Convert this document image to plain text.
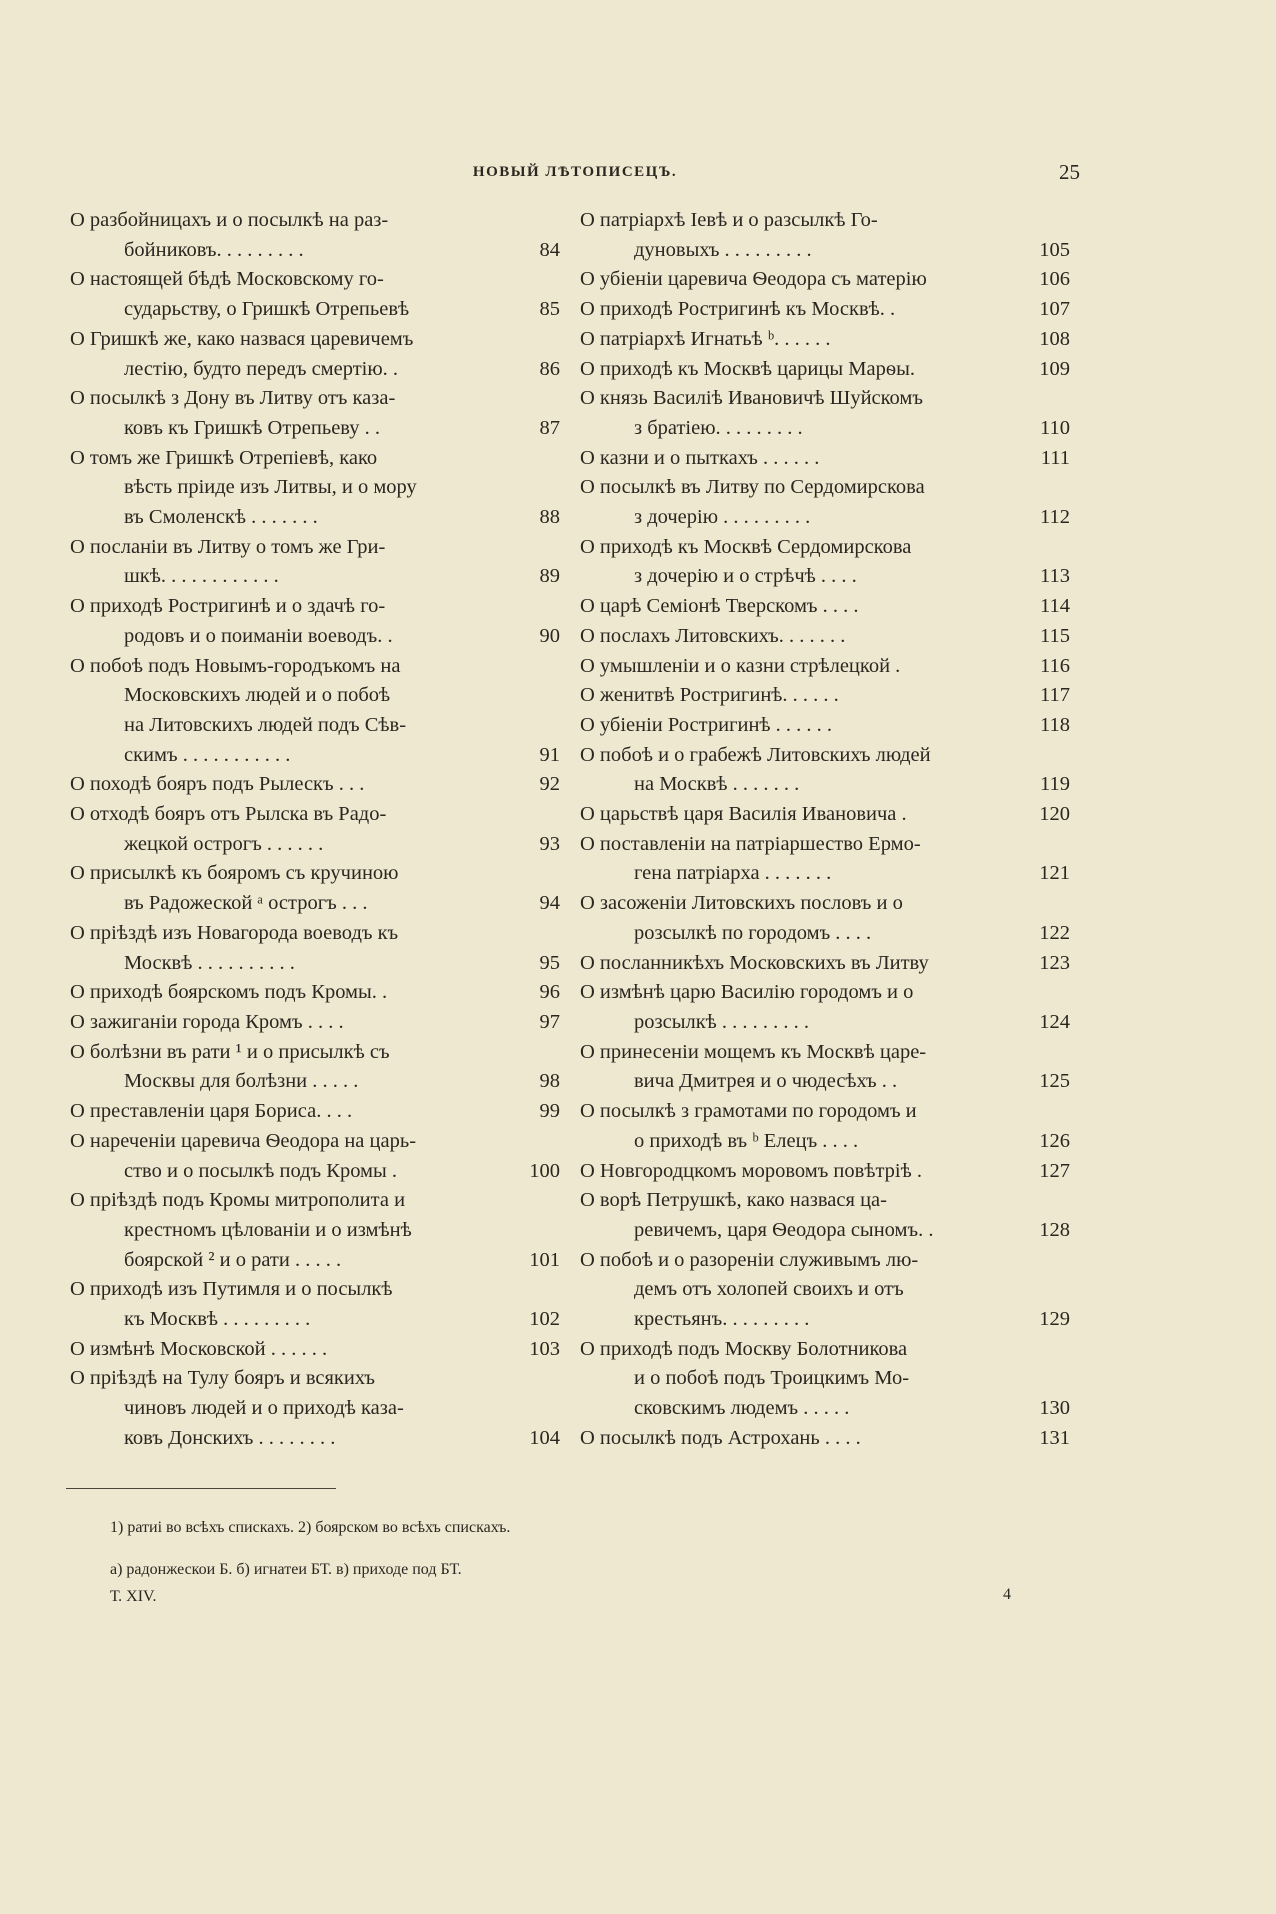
НОВЫЙ ЛѢТОПИСЕЦЪ.	25
О разбойницахъ и о посылкѣ на раз-
бойниковъ. . . . . . . . .	84
О настоящей бѣдѣ Московскому го-
сударьству, о Гришкѣ Отрепьевѣ	85
О Гришкѣ же, како назвася царевичемъ
лестію, будто передъ смертію. .	86
О посылкѣ з Дону въ Литву отъ каза-
ковъ къ Гришкѣ Отрепьеву . .	87
О томъ же Гришкѣ Отрепіевѣ, како
вѣсть пріиде изъ Литвы, и о мору
въ Смоленскѣ . . . . . . .	88
О посланіи въ Литву о томъ же Гри-
шкѣ. . . . . . . . . . . .	89
О приходѣ Ростригинѣ и о здачѣ го-
родовъ и о поиманіи воеводъ. .	90
О побоѣ подъ Новымъ-городъкомъ на
Московскихъ людей и о побоѣ
на Литовскихъ людей подъ Сѣв-
скимъ . . . . . . . . . . .	91
О походѣ бояръ подъ Рылескъ . . .	92
О отходѣ бояръ отъ Рылска въ Радо-
жецкой острогъ . . . . . .	93
О присылкѣ къ бояромъ съ кручиною
въ Радожеской ᵃ острогъ . . .	94
О пріѣздѣ изъ Новагорода воеводъ къ
Москвѣ . . . . . . . . . .	95
О приходѣ боярскомъ подъ Кромы. .	96
О зажиганіи города Кромъ . . . .	97
О болѣзни въ рати ¹ и о присылкѣ съ
Москвы для болѣзни . . . . .	98
О преставленіи царя Бориса. . . .	99
О нареченіи царевича Ѳеодора на царь-
ство и о посылкѣ подъ Кромы .	100
О пріѣздѣ подъ Кромы митрополита и
крестномъ цѣлованіи и о измѣнѣ
боярской ² и о рати . . . . .	101
О приходѣ изъ Путимля и о посылкѣ
къ Москвѣ . . . . . . . . .	102
О измѣнѣ Московской . . . . . .	103
О пріѣздѣ на Тулу бояръ и всякихъ
чиновъ людей и о приходѣ каза-
ковъ Донскихъ . . . . . . . .	104
О патріархѣ Іевѣ и о разсылкѣ Го-
дуновыхъ . . . . . . . . .	105
О убіеніи царевича Ѳеодора съ матерію	106
О приходѣ Ростригинѣ къ Москвѣ. .	107
О патріархѣ Игнатьѣ ᵇ. . . . . .	108
О приходѣ къ Москвѣ царицы Марѳы.	109
О князь Василіѣ Ивановичѣ Шуйскомъ
з братіею. . . . . . . . .	110
О казни и о пыткахъ . . . . . .	111
О посылкѣ въ Литву по Сердомирскова
з дочерію . . . . . . . . .	112
О приходѣ къ Москвѣ Сердомирскова
з дочерію и о стрѣчѣ . . . .	113
О царѣ Семіонѣ Тверскомъ . . . .	114
О послахъ Литовскихъ. . . . . . .	115
О умышленіи и о казни стрѣлецкой .	116
О женитвѣ Ростригинѣ. . . . . .	117
О убіеніи Ростригинѣ . . . . . .	118
О побоѣ и о грабежѣ Литовскихъ людей
на Москвѣ . . . . . . .	119
О царьствѣ царя Василія Ивановича .	120
О поставленіи на патріаршество Ермо-
гена патріарха . . . . . . .	121
О засоженіи Литовскихъ пословъ и о
розсылкѣ по городомъ . . . .	122
О посланникѣхъ Московскихъ въ Литву	123
О измѣнѣ царю Василію городомъ и о
розсылкѣ . . . . . . . . .	124
О принесеніи мощемъ къ Москвѣ царе-
вича Дмитрея и о чюдесѣхъ . .	125
О посылкѣ з грамотами по городомъ и
о приходѣ въ ᵇ Елецъ . . . .	126
О Новгородцкомъ моровомъ повѣтріѣ .	127
О ворѣ Петрушкѣ, како назвася ца-
ревичемъ, царя Ѳеодора сыномъ. .	128
О побоѣ и о разореніи служивымъ лю-
демъ отъ холопей своихъ и отъ
крестьянъ. . . . . . . . .	129
О приходѣ подъ Москву Болотникова
и о побоѣ подъ Троицкимъ Мо-
сковскимъ людемъ . . . . .	130
О посылкѣ подъ Астрохань . . . .	131
1) ратиі во всѣхъ спискахъ. 2) боярском во всѣхъ спискахъ.
а) радонжескои Б. б) игнатеи БТ. в) приходе под БТ.
Т. XIV.	4
